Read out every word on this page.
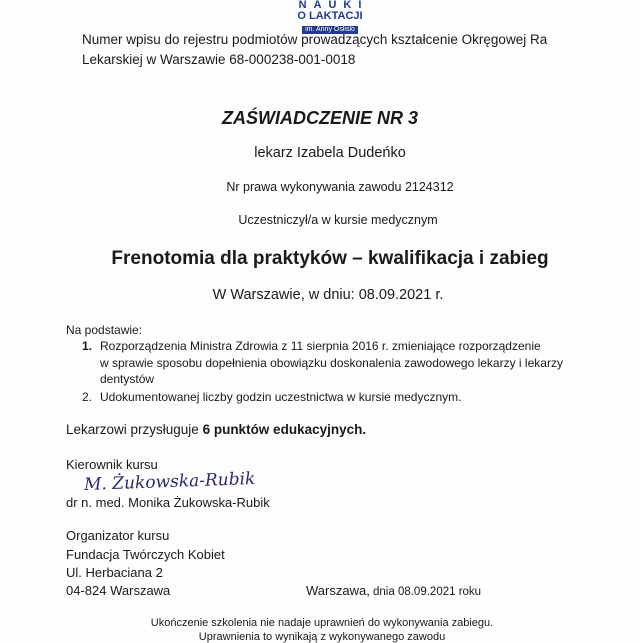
NAUKI
O LAKTACJI
im. Anny Oslislo
Numer wpisu do rejestru podmiotów prowadzących kształcenie Okręgowej Ra
Lekarskiej w Warszawie 68-000238-001-0018
ZAŚWIADCZENIE NR 3
lekarz Izabela Dudeńko
Nr prawa wykonywania zawodu 2124312
Uczestniczył/a w kursie medycznym
Frenotomia dla praktyków – kwalifikacja i zabieg
W Warszawie, w dniu: 08.09.2021 r.
Na podstawie:
1. Rozporządzenia Ministra Zdrowia z 11 sierpnia 2016 r. zmieniające rozporządzenie
w sprawie sposobu dopełnienia obowiązku doskonalenia zawodowego lekarzy i lekarzy
dentystów
2. Udokumentowanej liczby godzin uczestnictwa w kursie medycznym.
Lekarzowi przysługuje 6 punktów edukacyjnych.
Kierownik kursu
M. Żukowska-Rubik
dr n. med. Monika Żukowska-Rubik
Organizator kursu
Fundacja Twórczych Kobiet
Ul. Herbaciana 2
04-824 Warszawa	Warszawa, dnia 08.09.2021 roku
Ukończenie szkolenia nie nadaje uprawnień do wykonywania zabiegu.
Uprawnienia to wynikają z wykonywanego zawodu
